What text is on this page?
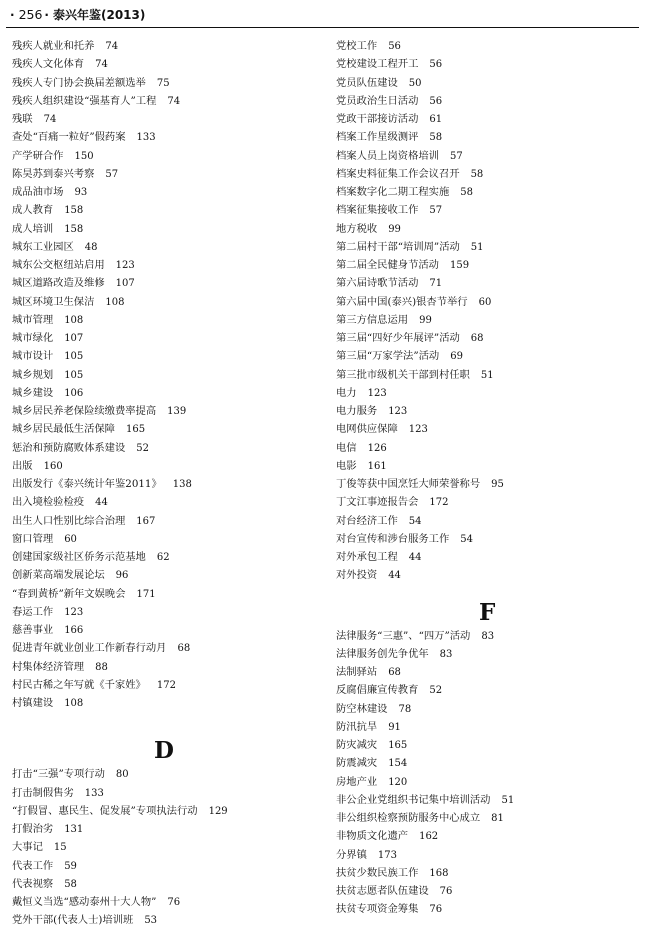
· 256 · 泰兴年鉴(2013)
残疾人就业和托养 74
残疾人文化体育 74
残疾人专门协会换届差额选举 75
残疾人组织建设“强基育人”工程 74
残联 74
查处“百痛一粒好”假药案 133
产学研合作 150
陈昊苏到泰兴考察 57
成品油市场 93
成人教育 158
成人培训 158
城东工业园区 48
城东公交枢纽站启用 123
城区道路改造及维修 107
城区环境卫生保洁 108
城市管理 108
城市绿化 107
城市设计 105
城乡规划 105
城乡建设 106
城乡居民养老保险续缴费率提高 139
城乡居民最低生活保障 165
惩治和预防腐败体系建设 52
出版 160
出版发行《泰兴统计年鉴2011》 138
出入境检验检疫 44
出生人口性别比综合治理 167
窗口管理 60
创建国家级社区侨务示范基地 62
创新菜高端发展论坛 96
“春到黄桥”新年文娱晚会 171
春运工作 123
慈善事业 166
促进青年就业创业工作新春行动月 68
村集体经济管理 88
村民古稀之年写就《千家姓》 172
村镇建设 108
D
打击“三强”专项行动 80
打击制假售劣 133
“打假冒、惠民生、促发展”专项执法行动 129
打假治劣 131
大事记 15
代表工作 59
代表视察 58
戴恒义当选“感动泰州十大人物” 76
党外干部(代表人士)培训班 53
党校工作 56
党校建设工程开工 56
党员队伍建设 50
党员政治生日活动 56
党政干部接访活动 61
档案工作星级测评 58
档案人员上岗资格培训 57
档案史料征集工作会议召开 58
档案数字化二期工程实施 58
档案征集接收工作 57
地方税收 99
第二届村干部“培训周”活动 51
第二届全民健身节活动 159
第六届诗歌节活动 71
第六届中国(泰兴)银杏节举行 60
第三方信息运用 99
第三届“四好少年展评”活动 68
第三届“万家学法”活动 69
第三批市级机关干部到村任职 51
电力 123
电力服务 123
电网供应保障 123
电信 126
电影 161
丁俊等获中国烹饪大师荣誉称号 95
丁文江事迹报告会 172
对台经济工作 54
对台宣传和涉台服务工作 54
对外承包工程 44
对外投资 44
F
法律服务“三惠”、“四万”活动 83
法律服务创先争优年 83
法制驿站 68
反腐倡廉宣传教育 52
防空林建设 78
防汛抗旱 91
防灾减灾 165
防震减灾 154
房地产业 120
非公企业党组织书记集中培训活动 51
非公组织检察预防服务中心成立 81
非物质文化遗产 162
分界镇 173
扶贫少数民族工作 168
扶贫志愿者队伍建设 76
扶贫专项资金筹集 76
